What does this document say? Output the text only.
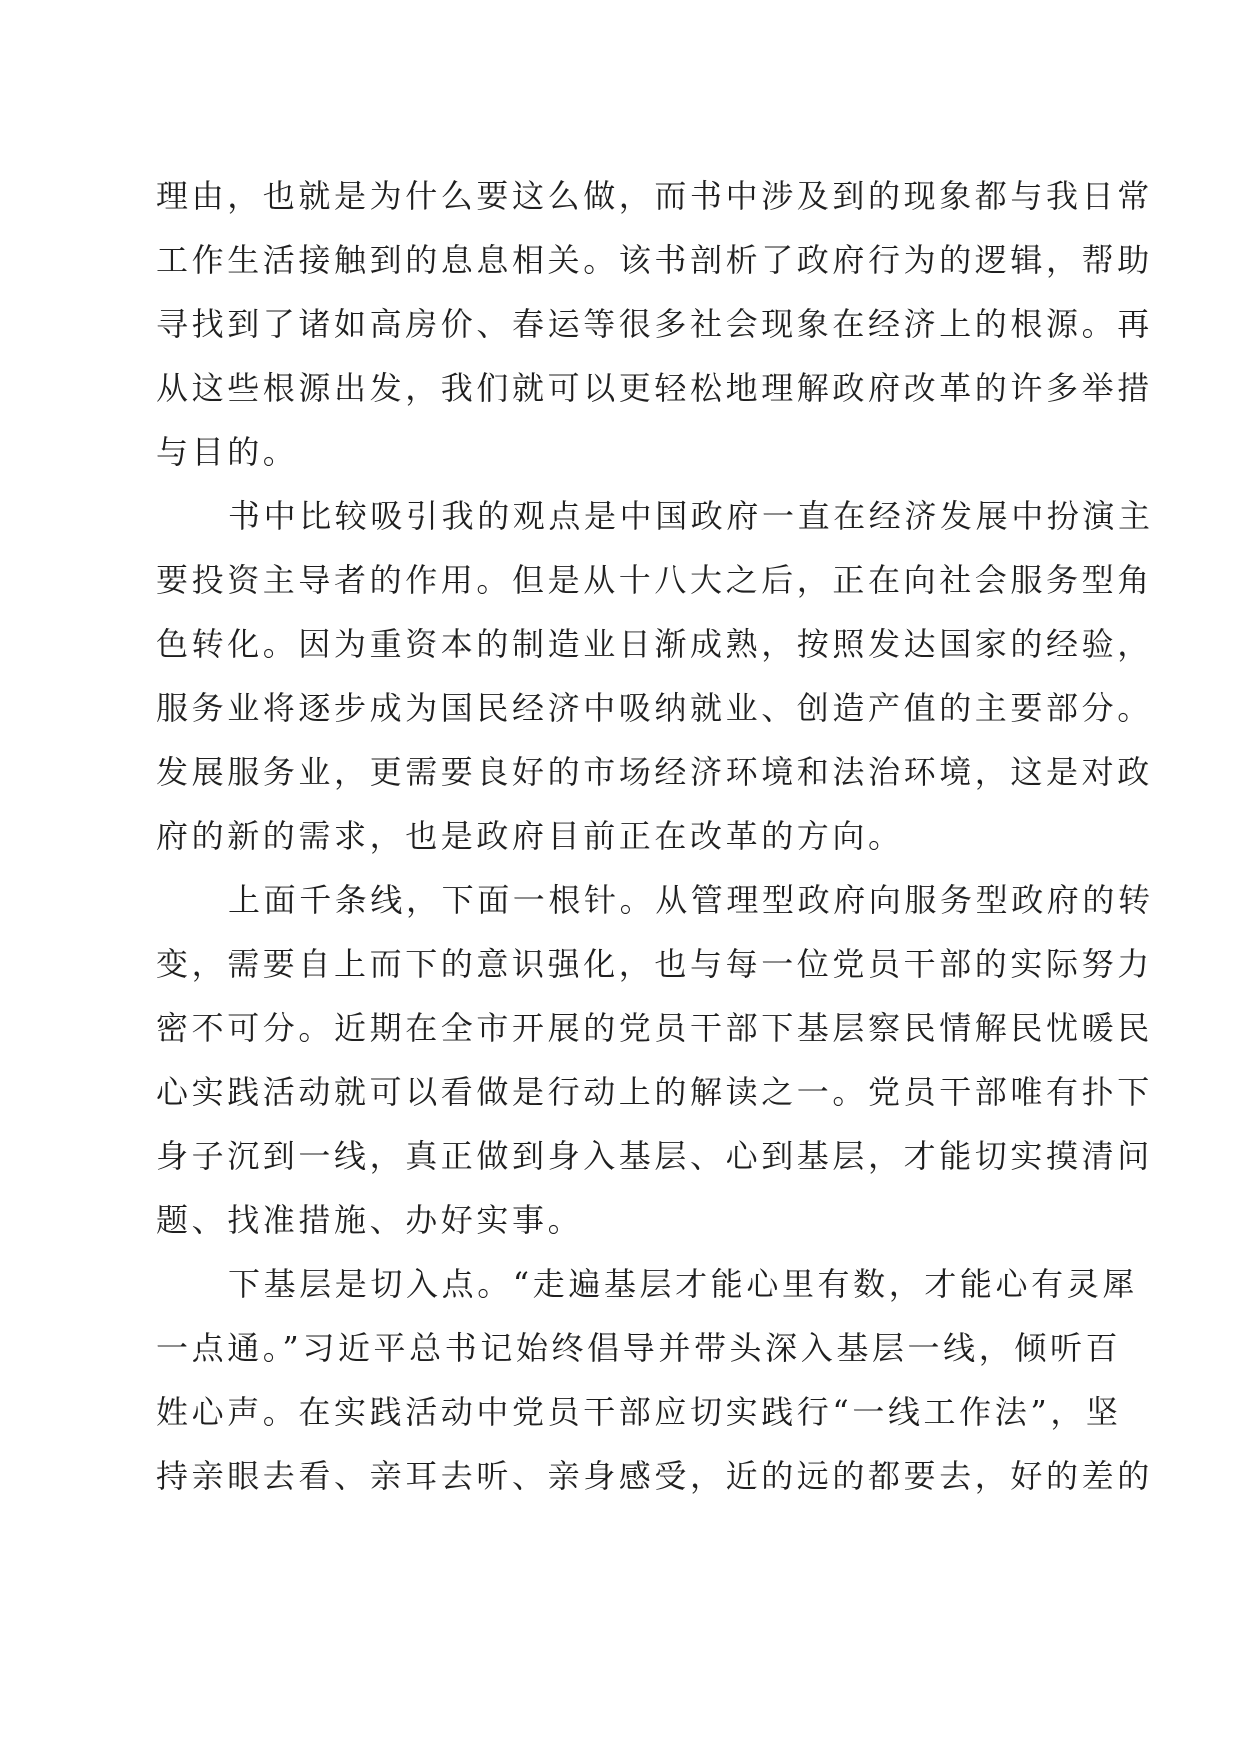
理由，也就是为什么要这么做，而书中涉及到的现象都与我日常
工作生活接触到的息息相关。该书剖析了政府行为的逻辑，帮助
寻找到了诸如高房价、春运等很多社会现象在经济上的根源。再
从这些根源出发，我们就可以更轻松地理解政府改革的许多举措
与目的。
书中比较吸引我的观点是中国政府一直在经济发展中扮演主
要投资主导者的作用。但是从十八大之后，正在向社会服务型角
色转化。因为重资本的制造业日渐成熟，按照发达国家的经验，
服务业将逐步成为国民经济中吸纳就业、创造产值的主要部分。
发展服务业，更需要良好的市场经济环境和法治环境，这是对政
府的新的需求，也是政府目前正在改革的方向。
上面千条线，下面一根针。从管理型政府向服务型政府的转
变，需要自上而下的意识强化，也与每一位党员干部的实际努力
密不可分。近期在全市开展的党员干部下基层察民情解民忧暖民
心实践活动就可以看做是行动上的解读之一。党员干部唯有扑下
身子沉到一线，真正做到身入基层、心到基层，才能切实摸清问
题、找准措施、办好实事。
下基层是切入点。“走遍基层才能心里有数，才能心有灵犀
一点通。”习近平总书记始终倡导并带头深入基层一线，倾听百
姓心声。在实践活动中党员干部应切实践行“一线工作法”，坚
持亲眼去看、亲耳去听、亲身感受，近的远的都要去，好的差的
